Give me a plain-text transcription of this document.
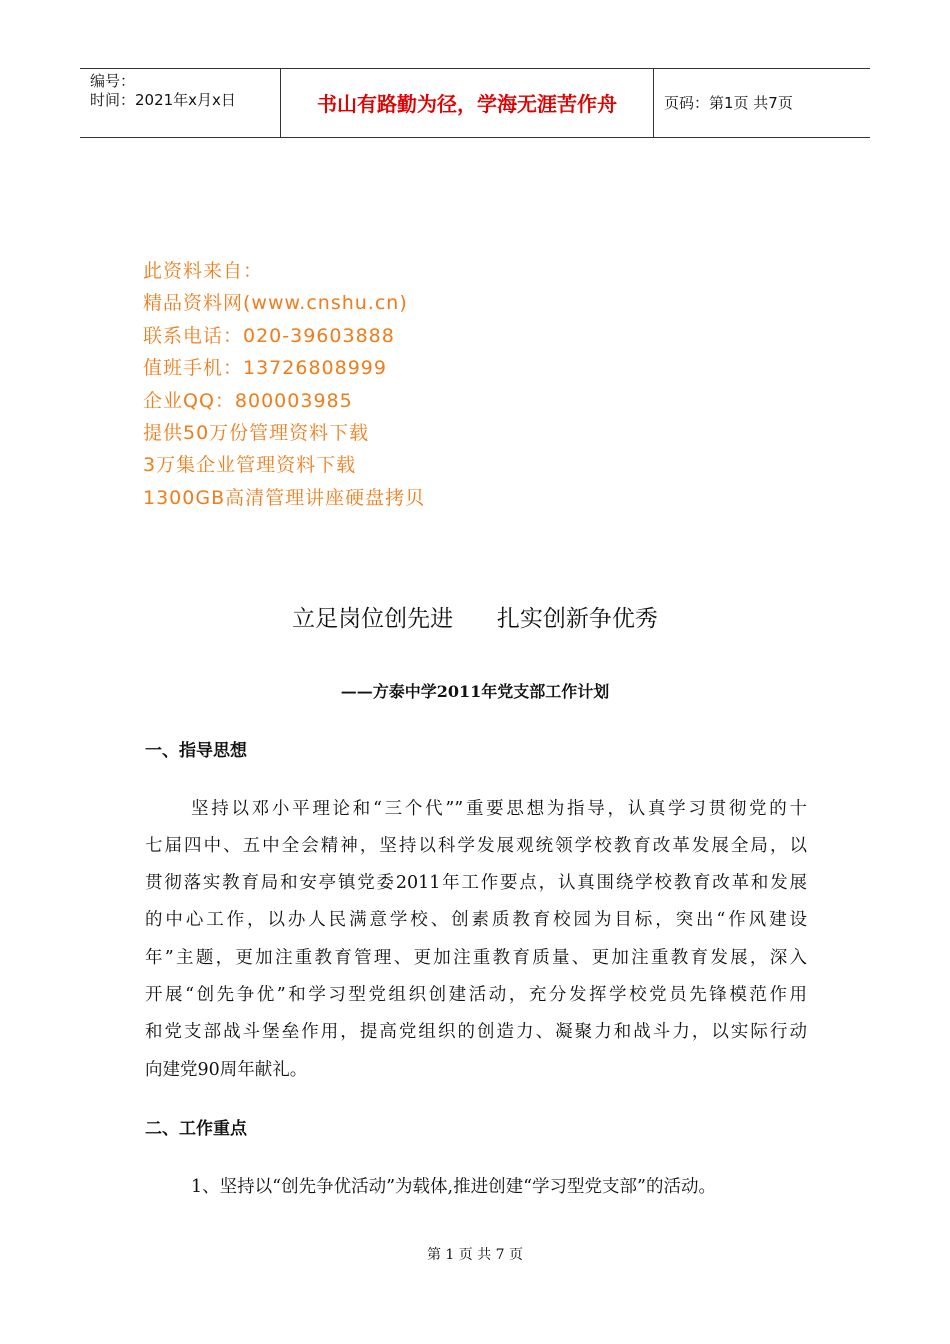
编号：
时间：2021年x月x日	书山有路勤为径，学海无涯苦作舟	页码：第1页 共7页
此资料来自：
精品资料网(www.cnshu.cn)
联系电话：020-39603888
值班手机：13726808999
企业QQ：800003985
提供50万份管理资料下载
3万集企业管理资料下载
1300GB高清管理讲座硬盘拷贝
立足岗位创先进      扎实创新争优秀
——方泰中学2011年党支部工作计划
一、指导思想
坚持以邓小平理论和“三个代””重要思想为指导，认真学习贯彻党的十
七届四中、五中全会精神，坚持以科学发展观统领学校教育改革发展全局，以
贯彻落实教育局和安亭镇党委2011年工作要点，认真围绕学校教育改革和发展
的中心工作，以办人民满意学校、创素质教育校园为目标，突出“作风建设
年”主题，更加注重教育管理、更加注重教育质量、更加注重教育发展，深入
开展“创先争优”和学习型党组织创建活动，充分发挥学校党员先锋模范作用
和党支部战斗堡垒作用，提高党组织的创造力、凝聚力和战斗力，以实际行动
向建党90周年献礼。
二、工作重点
1、坚持以“创先争优活动”为载体,推进创建“学习型党支部”的活动。
第 1 页 共 7 页
